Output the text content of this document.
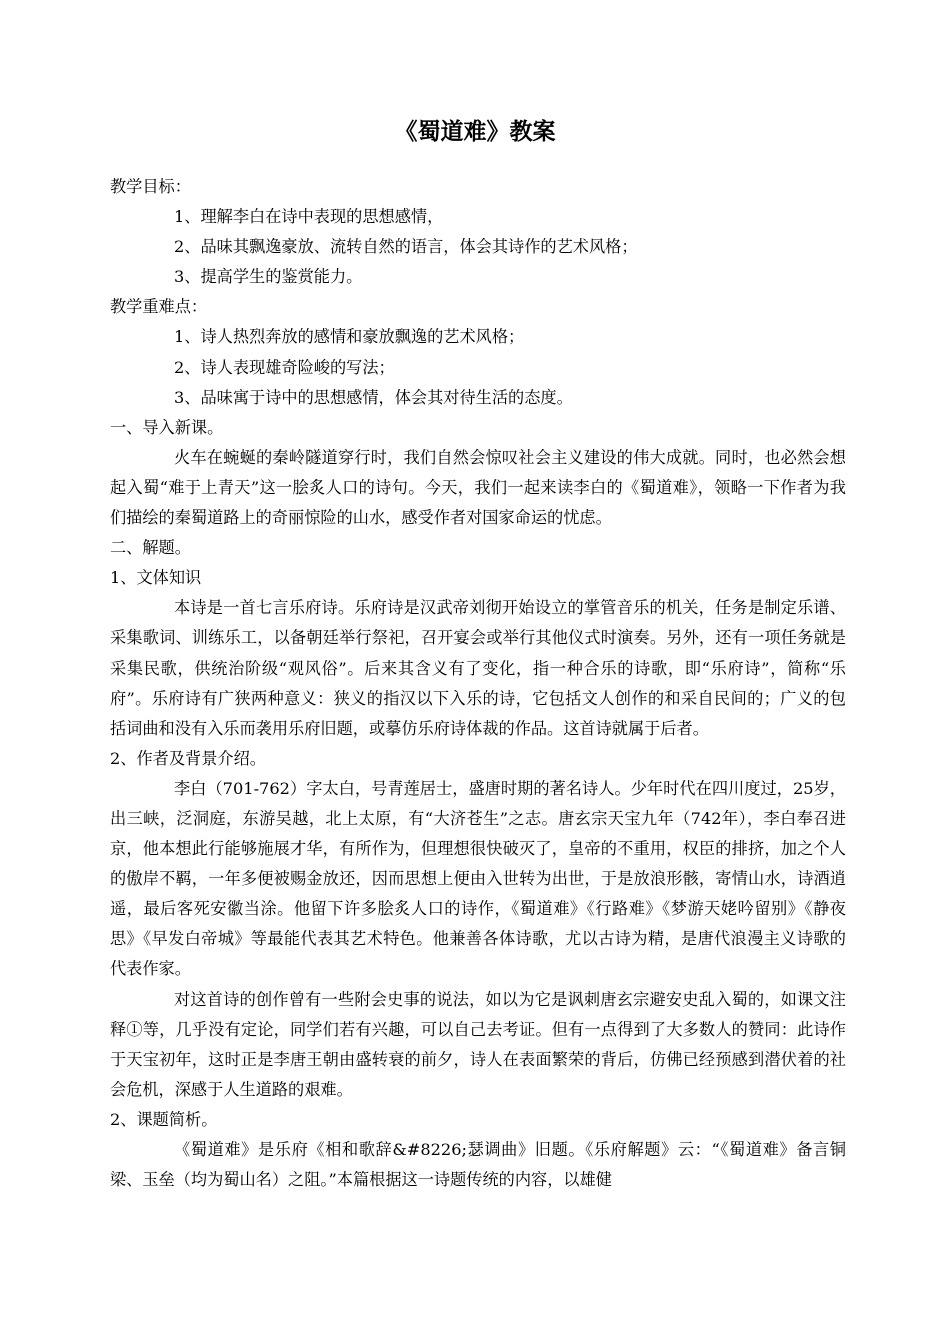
《蜀道难》教案

教学目标：

1、理解李白在诗中表现的思想感情，

2、品味其飘逸豪放、流转自然的语言，体会其诗作的艺术风格；

3、提高学生的鉴赏能力。

教学重难点：

1、诗人热烈奔放的感情和豪放飘逸的艺术风格；

2、诗人表现雄奇险峻的写法；

3、品味寓于诗中的思想感情，体会其对待生活的态度。

一、导入新课。

火车在蜿蜒的秦岭隧道穿行时，我们自然会惊叹社会主义建设的伟大成就。同时，也必然会想起入蜀“难于上青天”这一脍炙人口的诗句。今天，我们一起来读李白的《蜀道难》，领略一下作者为我们描绘的秦蜀道路上的奇丽惊险的山水，感受作者对国家命运的忧虑。

二、解题。

1、文体知识

本诗是一首七言乐府诗。乐府诗是汉武帝刘彻开始设立的掌管音乐的机关，任务是制定乐谱、采集歌词、训练乐工，以备朝廷举行祭祀，召开宴会或举行其他仪式时演奏。另外，还有一项任务就是采集民歌，供统治阶级“观风俗”。后来其含义有了变化，指一种合乐的诗歌，即“乐府诗”，简称“乐府”。乐府诗有广狭两种意义：狭义的指汉以下入乐的诗，它包括文人创作的和采自民间的；广义的包括词曲和没有入乐而袭用乐府旧题，或摹仿乐府诗体裁的作品。这首诗就属于后者。

2、作者及背景介绍。

李白（701-762）字太白，号青莲居士，盛唐时期的著名诗人。少年时代在四川度过，25岁，出三峡，泛洞庭，东游吴越，北上太原，有“大济苍生”之志。唐玄宗天宝九年（742年），李白奉召进京，他本想此行能够施展才华，有所作为，但理想很快破灭了，皇帝的不重用，权臣的排挤，加之个人的傲岸不羁，一年多便被赐金放还，因而思想上便由入世转为出世，于是放浪形骸，寄情山水，诗酒逍遥，最后客死安徽当涂。他留下许多脍炙人口的诗作，《蜀道难》《行路难》《梦游天姥吟留别》《静夜思》《早发白帝城》等最能代表其艺术特色。他兼善各体诗歌，尤以古诗为精，是唐代浪漫主义诗歌的代表作家。

对这首诗的创作曾有一些附会史事的说法，如以为它是讽刺唐玄宗避安史乱入蜀的，如课文注释①等，几乎没有定论，同学们若有兴趣，可以自己去考证。但有一点得到了大多数人的赞同：此诗作于天宝初年，这时正是李唐王朝由盛转衰的前夕，诗人在表面繁荣的背后，仿佛已经预感到潜伏着的社会危机，深感于人生道路的艰难。

2、课题简析。

《蜀道难》是乐府《相和歌辞&#8226;瑟调曲》旧题。《乐府解题》云：“《蜀道难》备言铜梁、玉垒（均为蜀山名）之阻。”本篇根据这一诗题传统的内容，以雄健
